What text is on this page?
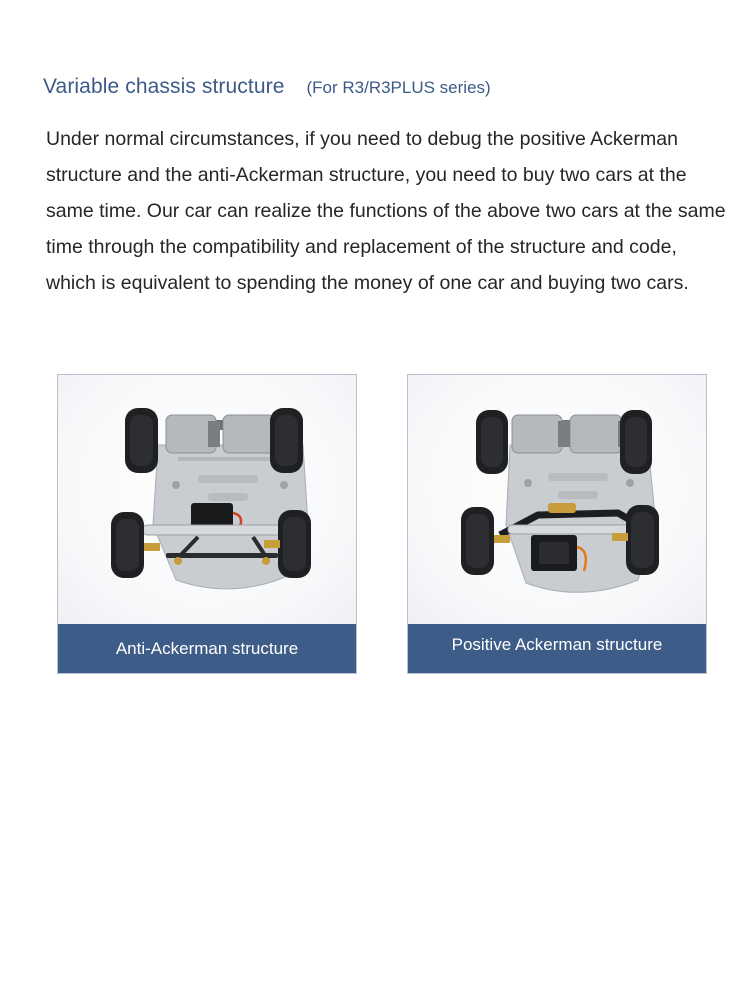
Variable chassis structure (For R3/R3PLUS series)

Under normal circumstances, if you need to debug the positive Ackerman structure and the anti-Ackerman structure, you need to buy two cars at the same time. Our car can realize the functions of the above two cars at the same time through the compatibility and replacement of the structure and code, which is equivalent to spending the money of one car and buying two cars.

Anti-Ackerman structure	Positive Ackerman structure
